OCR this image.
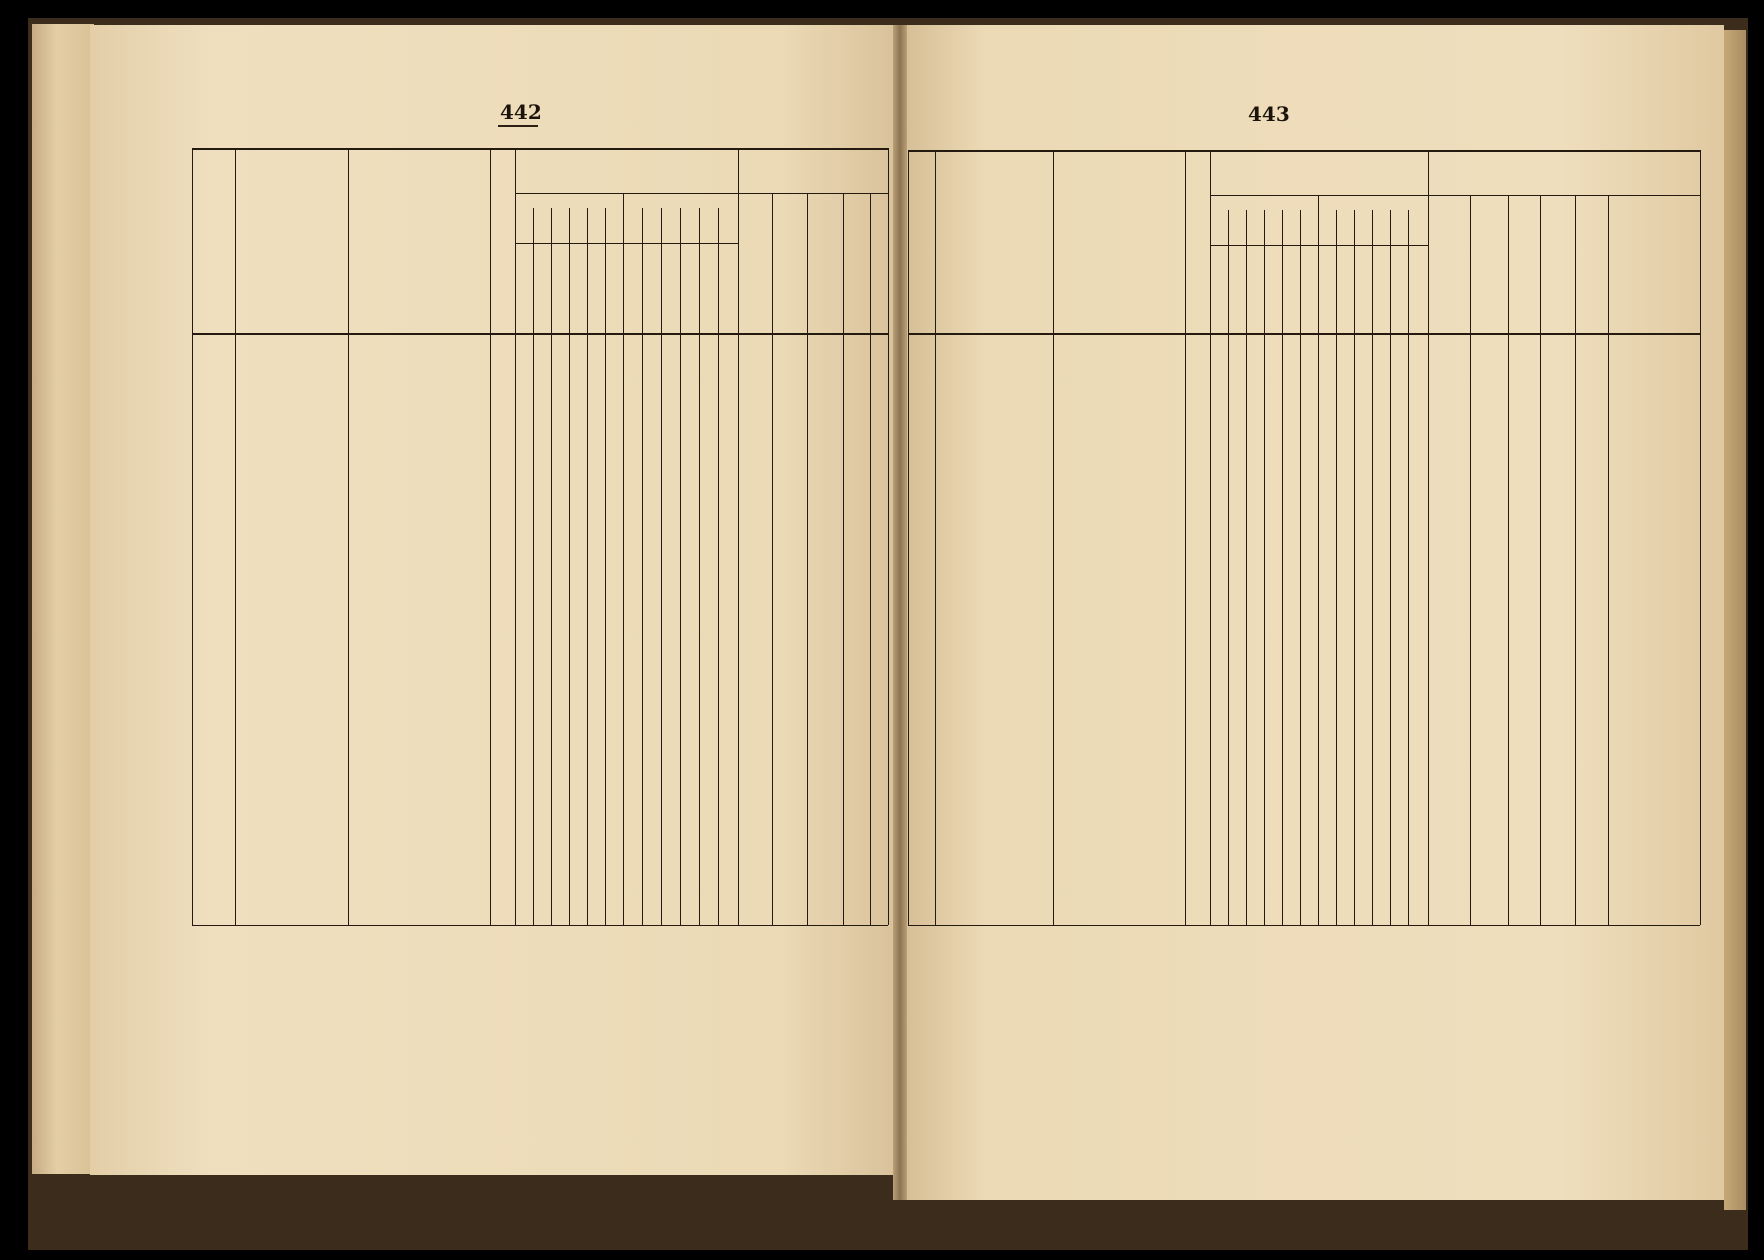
442	443
